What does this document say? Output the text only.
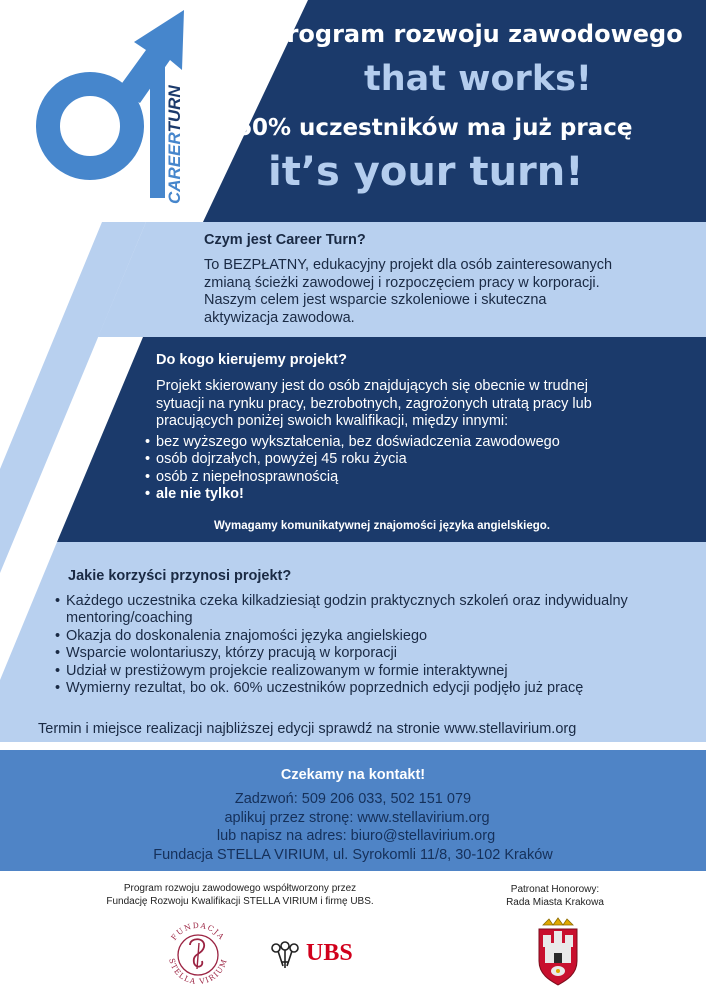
CAREERTURN
Program rozwoju zawodowego
that works!
60% uczestników ma już pracę
it’s your turn!
Czym jest Career Turn?
To BEZPŁATNY, edukacyjny projekt dla osób zainteresowanych
zmianą ścieżki zawodowej i rozpoczęciem pracy w korporacji.
Naszym celem jest wsparcie szkoleniowe i skuteczna
aktywizacja zawodowa.
Do kogo kierujemy projekt?
Projekt skierowany jest do osób znajdujących się obecnie w trudnej
sytuacji na rynku pracy, bezrobotnych, zagrożonych utratą pracy lub
pracujących poniżej swoich kwalifikacji, między innymi:
• bez wyższego wykształcenia, bez doświadczenia zawodowego
• osób dojrzałych, powyżej 45 roku życia
• osób z niepełnosprawnością
• ale nie tylko!
Wymagamy komunikatywnej znajomości języka angielskiego.
Jakie korzyści przynosi projekt?
• Każdego uczestnika czeka kilkadziesiąt godzin praktycznych szkoleń oraz indywidualny mentoring/coaching
• Okazja do doskonalenia znajomości języka angielskiego
• Wsparcie wolontariuszy, którzy pracują w korporacji
• Udział w prestiżowym projekcie realizowanym w formie interaktywnej
• Wymierny rezultat, bo ok. 60% uczestników poprzednich edycji podjęło już pracę
Termin i miejsce realizacji najbliższej edycji sprawdź na stronie www.stellavirium.org
Czekamy na kontakt!
Zadzwoń: 509 206 033, 502 151 079
aplikuj przez stronę: www.stellavirium.org
lub napisz na adres: biuro@stellavirium.org
Fundacja STELLA VIRIUM, ul. Syrokomli 11/8, 30-102 Kraków
Program rozwoju zawodowego współtworzony przez
Fundację Rozwoju Kwalifikacji STELLA VIRIUM i firmę UBS.
Patronat Honorowy:
Rada Miasta Krakowa
FUNDACJA
STELLA VIRIUM	UBS
